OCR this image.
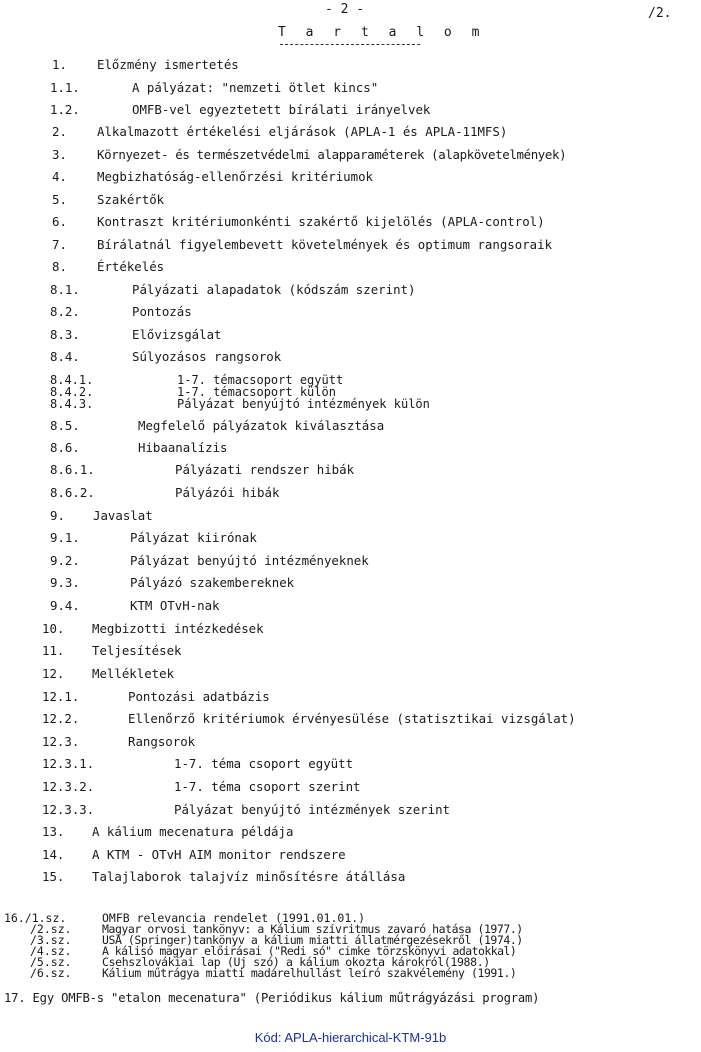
- 2 -	/2.
T a r t a l o m
1. Előzmény ismertetés
1.1.	A pályázat: "nemzeti ötlet kincs"
1.2.	OMFB-vel egyeztetett bírálati irányelvek
2. Alkalmazott értékelési eljárások (APLA-1 és APLA-11MFS)
3. Környezet- és természetvédelmi alapparaméterek (alapkövetelmények)
4. Megbizhatóság-ellenőrzési kritériumok
5. Szakértők
6. Kontraszt kritériumonkénti szakértő kijelölés (APLA-control)
7. Bírálatnál figyelembevett követelmények és optimum rangsoraik
8. Értékelés
8.1.	Pályázati alapadatok (kódszám szerint)
8.2.	Pontozás
8.3.	Elővizsgálat
8.4.	Súlyozásos rangsorok
8.4.1.	1-7. témacsoport együtt
8.4.2.	1-7. témacsoport külön
8.4.3.	Pályázat benyújtó intézmények külön
8.5.	Megfelelő pályázatok kiválasztása
8.6.	Hibaanalízis
8.6.1.	Pályázati rendszer hibák
8.6.2.	Pályázói hibák
9. Javaslat
9.1.	Pályázat kiirónak
9.2.	Pályázat benyújtó intézményeknek
9.3.	Pályázó szakembereknek
9.4.	KTM OTvH-nak
10. Megbizotti intézkedések
11. Teljesítések
12. Mellékletek
12.1.	Pontozási adatbázis
12.2.	Ellenőrző kritériumok érvényesülése (statisztikai vizsgálat)
12.3.	Rangsorok
12.3.1.	1-7. téma csoport együtt
12.3.2.	1-7. téma csoport szerint
12.3.3.	Pályázat benyújtó intézmények szerint
13. A kálium mecenatura példája
14. A KTM - OTvH AIM monitor rendszere
15. Talajlaborok talajvíz minősítésre átállása
16./1.sz.	OMFB relevancia rendelet (1991.01.01.)
/2.sz.	Magyar orvosi tankönyv: a Kálium szívritmus zavaró hatása (1977.)
/3.sz.	USA (Springer)tankönyv a kálium miatti állatmérgezésekről (1974.)
/4.sz.	A kálisó magyar előirásai ("Redi só" cimke törzskönyvi adatokkal)
/5.sz.	Csehszlovákiai lap (Uj szó) a kálium okozta károkról(1988.)
/6.sz.	Kálium műtrágya miatti madárelhullást leíró szakvélemény (1991.)
17. Egy OMFB-s "etalon mecenatura" (Periódikus kálium műtrágyázási program)
Kód: APLA-hierarchical-KTM-91b
